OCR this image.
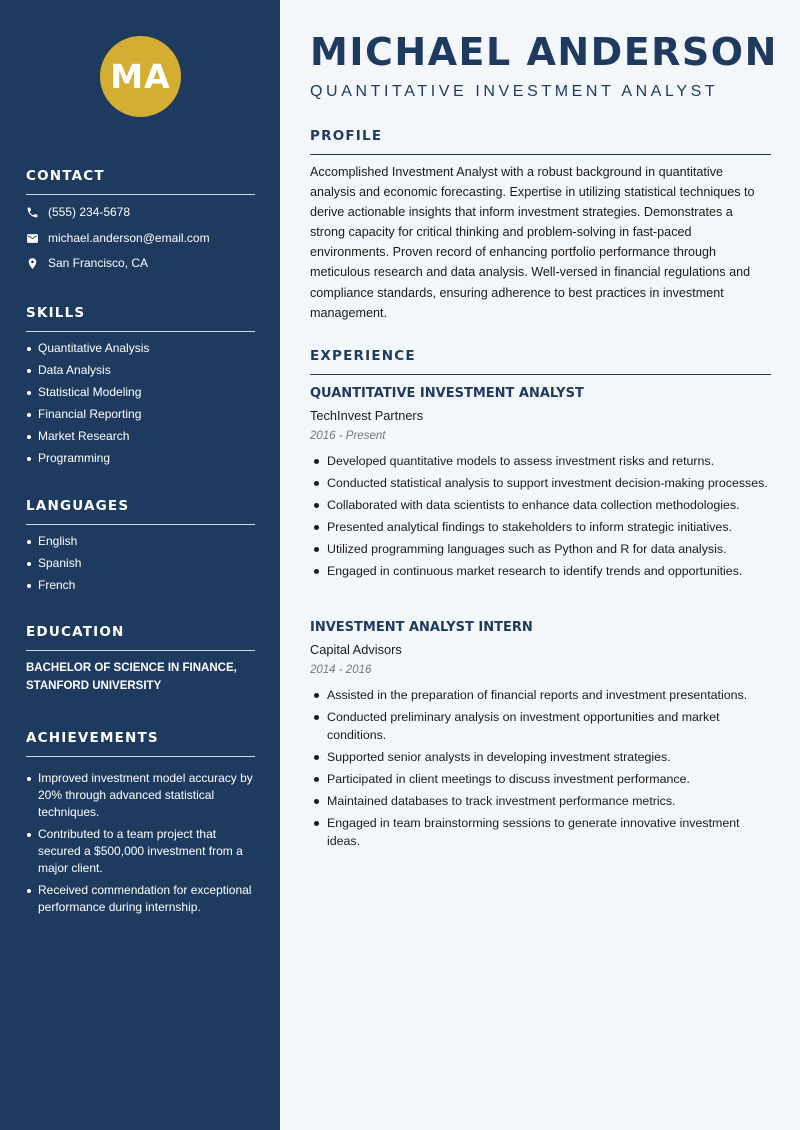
MA
CONTACT
(555) 234-5678
michael.anderson@email.com
San Francisco, CA
SKILLS
Quantitative Analysis
Data Analysis
Statistical Modeling
Financial Reporting
Market Research
Programming
LANGUAGES
English
Spanish
French
EDUCATION
BACHELOR OF SCIENCE IN FINANCE, STANFORD UNIVERSITY
ACHIEVEMENTS
Improved investment model accuracy by 20% through advanced statistical techniques.
Contributed to a team project that secured a $500,000 investment from a major client.
Received commendation for exceptional performance during internship.
MICHAEL ANDERSON
QUANTITATIVE INVESTMENT ANALYST
PROFILE

Accomplished Investment Analyst with a robust background in quantitative analysis and economic forecasting. Expertise in utilizing statistical techniques to derive actionable insights that inform investment strategies. Demonstrates a strong capacity for critical thinking and problem-solving in fast-paced environments. Proven record of enhancing portfolio performance through meticulous research and data analysis. Well-versed in financial regulations and compliance standards, ensuring adherence to best practices in investment management.

EXPERIENCE
QUANTITATIVE INVESTMENT ANALYST
TechInvest Partners
2016 - Present
Developed quantitative models to assess investment risks and returns.
Conducted statistical analysis to support investment decision-making processes.
Collaborated with data scientists to enhance data collection methodologies.
Presented analytical findings to stakeholders to inform strategic initiatives.
Utilized programming languages such as Python and R for data analysis.
Engaged in continuous market research to identify trends and opportunities.
INVESTMENT ANALYST INTERN
Capital Advisors
2014 - 2016
Assisted in the preparation of financial reports and investment presentations.
Conducted preliminary analysis on investment opportunities and market conditions.
Supported senior analysts in developing investment strategies.
Participated in client meetings to discuss investment performance.
Maintained databases to track investment performance metrics.
Engaged in team brainstorming sessions to generate innovative investment ideas.
